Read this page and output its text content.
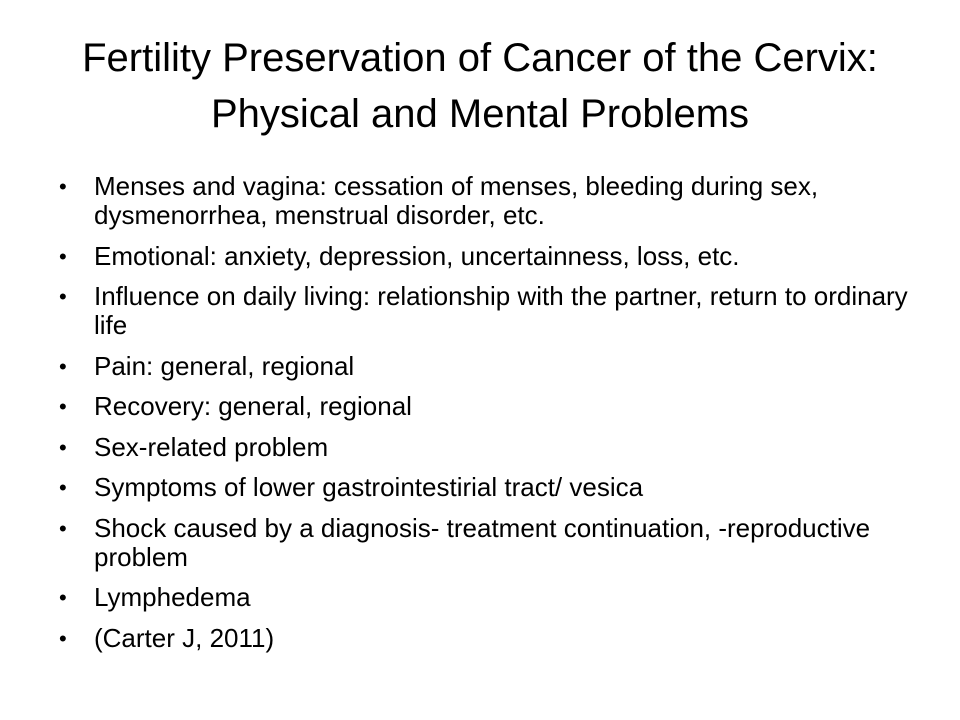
Fertility Preservation of Cancer of the Cervix: Physical and Mental Problems
• Menses and vagina: cessation of menses, bleeding during sex, dysmenorrhea, menstrual disorder, etc.
• Emotional: anxiety, depression, uncertainness, loss, etc.
• Influence on daily living: relationship with the partner, return to ordinary life
• Pain: general, regional
• Recovery: general, regional
• Sex-related problem
• Symptoms of lower gastrointestirial tract/ vesica
• Shock caused by a diagnosis- treatment continuation, -reproductive problem
• Lymphedema
• (Carter J, 2011)
